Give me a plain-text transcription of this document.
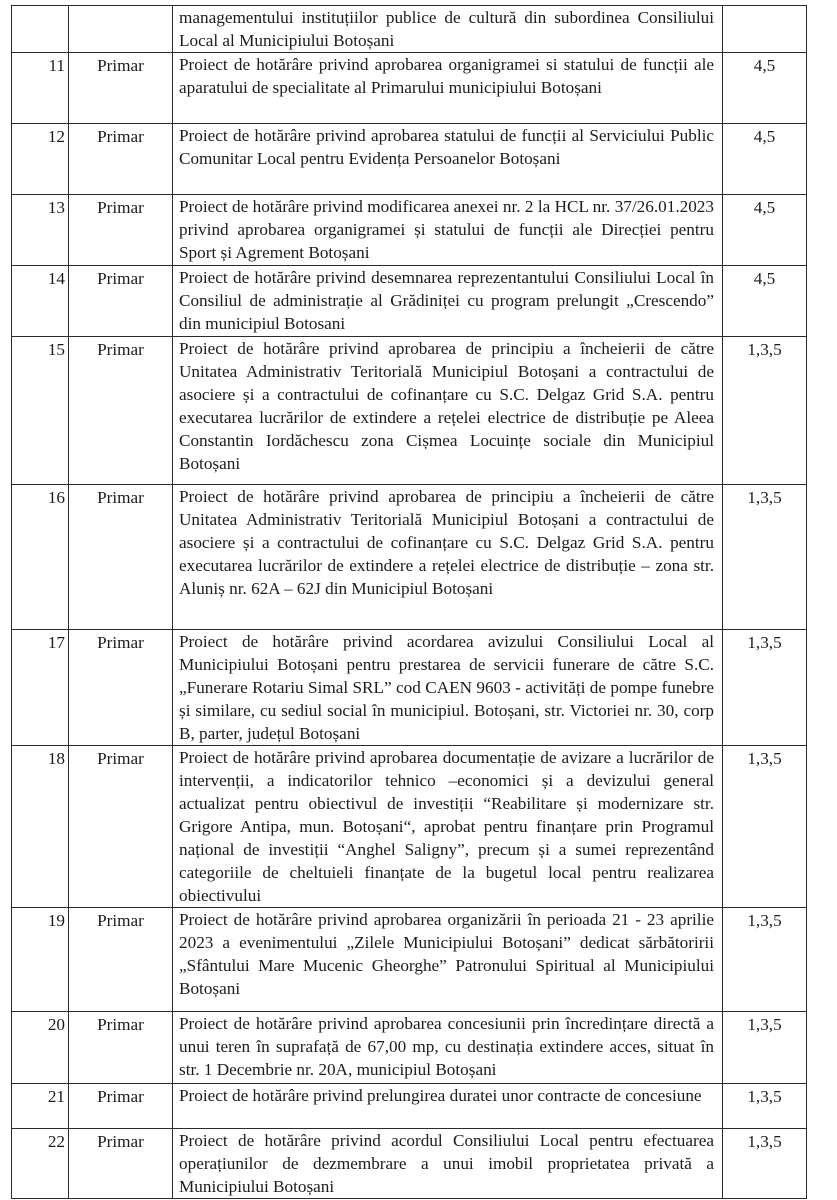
		managementului instituțiilor publice de cultură din subordinea Consiliului Local al Municipiului Botoșani	
11	Primar	Proiect de hotărâre privind aprobarea organigramei si statului de funcții ale aparatului de specialitate al Primarului municipiului Botoșani	4,5
12	Primar	Proiect de hotărâre privind aprobarea statului de funcții al Serviciului Public Comunitar Local pentru Evidența Persoanelor Botoșani	4,5
13	Primar	Proiect de hotărâre privind modificarea anexei nr. 2 la HCL nr. 37/26.01.2023 privind aprobarea organigramei și statului de funcții ale Direcției pentru Sport și Agrement Botoșani	4,5
14	Primar	Proiect de hotărâre privind desemnarea reprezentantului Consiliului Local în Consiliul de administrație al Grădiniței cu program prelungit „Crescendo” din municipiul Botosani	4,5
15	Primar	Proiect de hotărâre privind aprobarea de principiu a încheierii de către Unitatea Administrativ Teritorială Municipiul Botoșani a contractului de asociere și a contractului de cofinanțare cu S.C. Delgaz Grid S.A. pentru executarea lucrărilor de extindere a rețelei electrice de distribuție pe Aleea Constantin Iordăchescu zona Cișmea Locuințe sociale din Municipiul Botoșani	1,3,5
16	Primar	Proiect de hotărâre privind aprobarea de principiu a încheierii de către Unitatea Administrativ Teritorială Municipiul Botoșani a contractului de asociere și a contractului de cofinanțare cu S.C. Delgaz Grid S.A. pentru executarea lucrărilor de extindere a rețelei electrice de distribuție – zona str. Aluniș nr. 62A – 62J din Municipiul Botoșani	1,3,5
17	Primar	Proiect de hotărâre privind acordarea avizului Consiliului Local al Municipiului Botoșani pentru prestarea de servicii funerare de către S.C. „Funerare Rotariu Simal SRL” cod CAEN 9603 - activități de pompe funebre și similare, cu sediul social în municipiul. Botoșani, str. Victoriei nr. 30, corp B, parter, județul Botoșani	1,3,5
18	Primar	Proiect de hotărâre privind aprobarea documentație de avizare a lucrărilor de intervenții, a indicatorilor tehnico –economici și a devizului general actualizat pentru obiectivul de investiții “Reabilitare și modernizare str. Grigore Antipa, mun. Botoșani“, aprobat pentru finanțare prin Programul național de investiții “Anghel Saligny”, precum și a sumei reprezentând categoriile de cheltuieli finanțate de la bugetul local pentru realizarea obiectivului	1,3,5
19	Primar	Proiect de hotărâre privind aprobarea organizării în perioada 21 - 23 aprilie 2023 a evenimentului „Zilele Municipiului Botoșani” dedicat sărbătoririi „Sfântului Mare Mucenic Gheorghe” Patronului Spiritual al Municipiului Botoșani	1,3,5
20	Primar	Proiect de hotărâre privind aprobarea concesiunii prin încredințare directă a unui teren în suprafață de 67,00 mp, cu destinația extindere acces, situat în str. 1 Decembrie nr. 20A, municipiul Botoșani	1,3,5
21	Primar	Proiect de hotărâre privind prelungirea duratei unor contracte de concesiune	1,3,5
22	Primar	Proiect de hotărâre privind acordul Consiliului Local pentru efectuarea operațiunilor de dezmembrare a unui imobil proprietatea privată a Municipiului Botoșani	1,3,5
